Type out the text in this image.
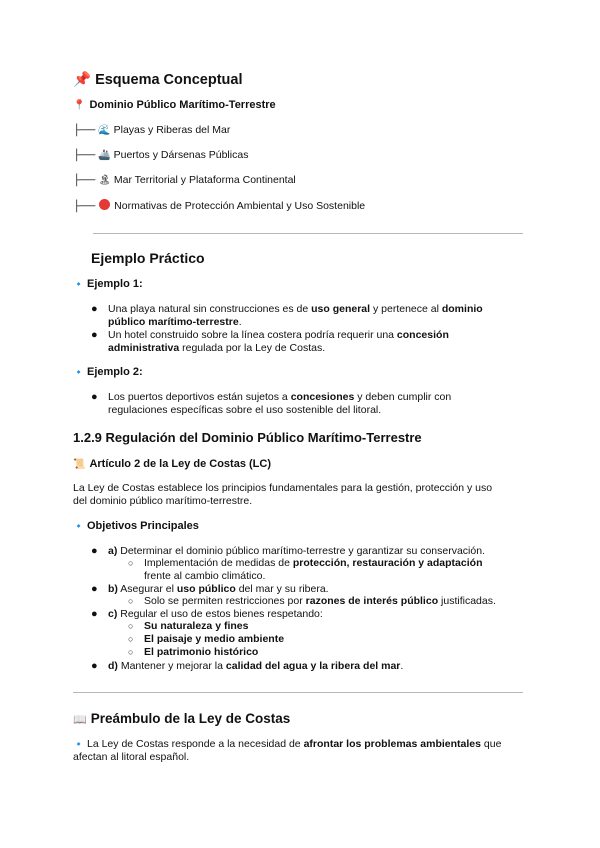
📌 Esquema Conceptual
📍 Dominio Público Marítimo-Terrestre
├── 🌊 Playas y Riberas del Mar
├── 🚢 Puertos y Dársenas Públicas
├── 🏝 Mar Territorial y Plataforma Continental
├── Normativas de Protección Ambiental y Uso Sostenible
Ejemplo Práctico
🔹 Ejemplo 1:
● Una playa natural sin construcciones es de uso general y pertenece al dominio
público marítimo-terrestre.
● Un hotel construido sobre la línea costera podría requerir una concesión
administrativa regulada por la Ley de Costas.
🔹 Ejemplo 2:
● Los puertos deportivos están sujetos a concesiones y deben cumplir con
regulaciones específicas sobre el uso sostenible del litoral.
1.2.9 Regulación del Dominio Público Marítimo-Terrestre
📜 Artículo 2 de la Ley de Costas (LC)
La Ley de Costas establece los principios fundamentales para la gestión, protección y uso
del dominio público marítimo-terrestre.
🔹 Objetivos Principales
● a) Determinar el dominio público marítimo-terrestre y garantizar su conservación.
○ Implementación de medidas de protección, restauración y adaptación
frente al cambio climático.
● b) Asegurar el uso público del mar y su ribera.
○ Solo se permiten restricciones por razones de interés público justificadas.
● c) Regular el uso de estos bienes respetando:
○ Su naturaleza y fines
○ El paisaje y medio ambiente
○ El patrimonio histórico
● d) Mantener y mejorar la calidad del agua y la ribera del mar.
📖 Preámbulo de la Ley de Costas
🔹 La Ley de Costas responde a la necesidad de afrontar los problemas ambientales que
afectan al litoral español.
